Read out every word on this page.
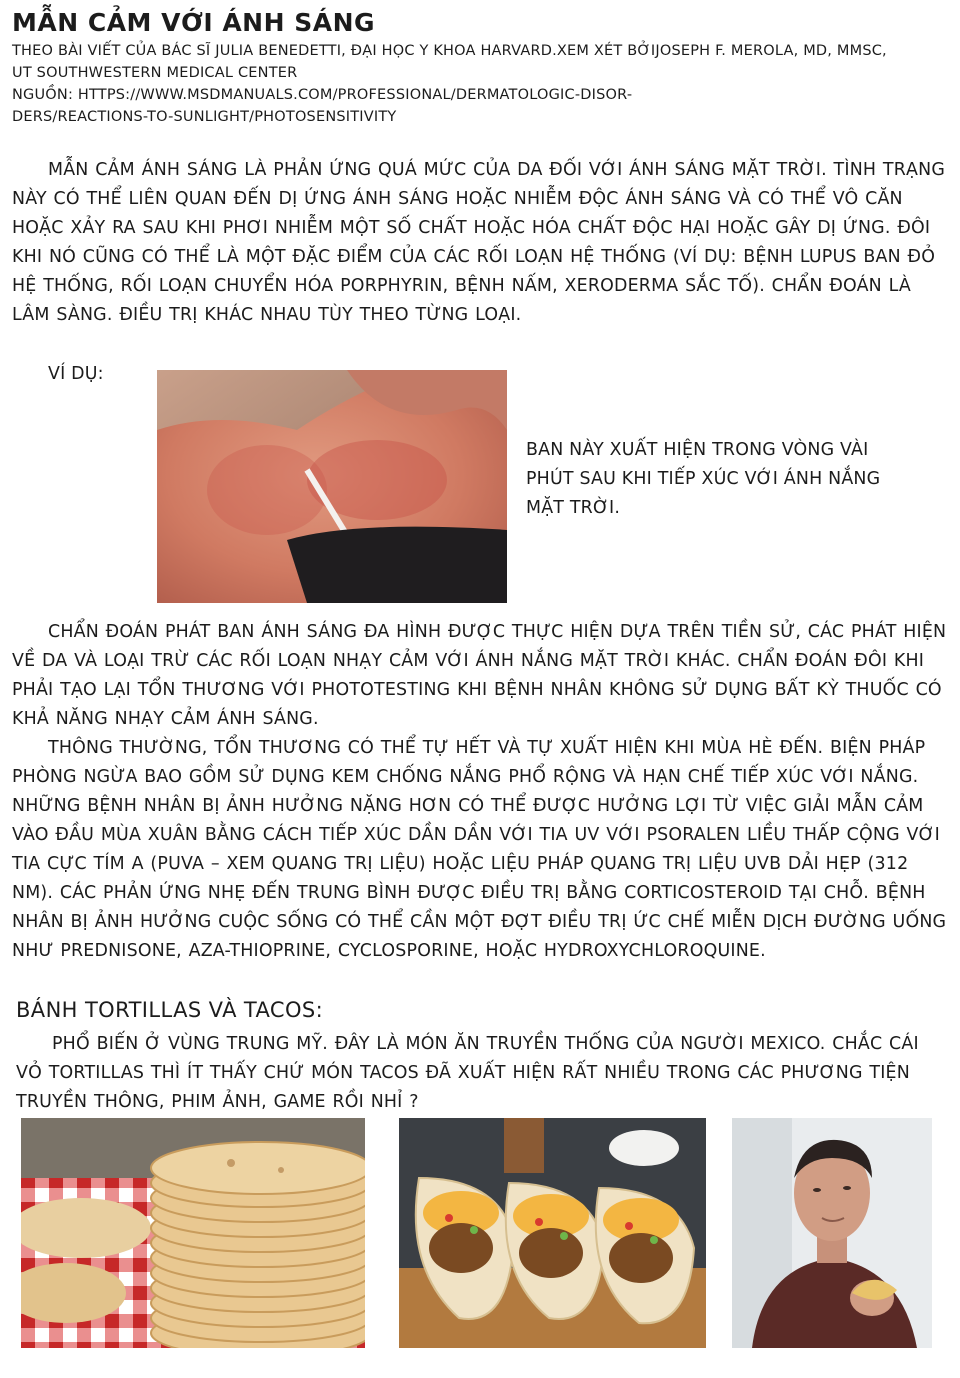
MẪN CẢM VỚI ÁNH SÁNG
THEO BÀI VIẾT CỦA BÁC SĨ JULIA BENEDETTI, ĐẠI HỌC Y KHOA HARVARD.XEM XÉT BỞIJOSEPH F. MEROLA, MD, MMSC,
UT SOUTHWESTERN MEDICAL CENTER
NGUỒN: HTTPS://WWW.MSDMANUALS.COM/PROFESSIONAL/DERMATOLOGIC-DISOR-
DERS/REACTIONS-TO-SUNLIGHT/PHOTOSENSITIVITY

MẪN CẢM ÁNH SÁNG LÀ PHẢN ỨNG QUÁ MỨC CỦA DA ĐỐI VỚI ÁNH SÁNG MẶT TRỜI. TÌNH TRẠNG NÀY CÓ THỂ LIÊN QUAN ĐẾN DỊ ỨNG ÁNH SÁNG HOẶC NHIỄM ĐỘC ÁNH SÁNG VÀ CÓ THỂ VÔ CĂN HOẶC XẢY RA SAU KHI PHƠI NHIỄM MỘT SỐ CHẤT HOẶC HÓA CHẤT ĐỘC HẠI HOẶC GÂY DỊ ỨNG. ĐÔI KHI NÓ CŨNG CÓ THỂ LÀ MỘT ĐẶC ĐIỂM CỦA CÁC RỐI LOẠN HỆ THỐNG (VÍ DỤ: BỆNH LUPUS BAN ĐỎ HỆ THỐNG, RỐI LOẠN CHUYỂN HÓA PORPHYRIN, BỆNH NẤM, XERODERMA SẮC TỐ). CHẨN ĐOÁN LÀ LÂM SÀNG. ĐIỀU TRỊ KHÁC NHAU TÙY THEO TỪNG LOẠI.

VÍ DỤ:
BAN NÀY XUẤT HIỆN TRONG VÒNG VÀI PHÚT SAU KHI TIẾP XÚC VỚI ÁNH NẮNG MẶT TRỜI.

CHẨN ĐOÁN PHÁT BAN ÁNH SÁNG ĐA HÌNH ĐƯỢC THỰC HIỆN DỰA TRÊN TIỀN SỬ, CÁC PHÁT HIỆN VỀ DA VÀ LOẠI TRỪ CÁC RỐI LOẠN NHẠY CẢM VỚI ÁNH NẮNG MẶT TRỜI KHÁC. CHẨN ĐOÁN ĐÔI KHI PHẢI TẠO LẠI TỔN THƯƠNG VỚI PHOTOTESTING KHI BỆNH NHÂN KHÔNG SỬ DỤNG BẤT KỲ THUỐC CÓ KHẢ NĂNG NHẠY CẢM ÁNH SÁNG.

THÔNG THƯỜNG, TỔN THƯƠNG CÓ THỂ TỰ HẾT VÀ TỰ XUẤT HIỆN KHI MÙA HÈ ĐẾN. BIỆN PHÁP PHÒNG NGỪA BAO GỒM SỬ DỤNG KEM CHỐNG NẮNG PHỔ RỘNG VÀ HẠN CHẾ TIẾP XÚC VỚI NẮNG. NHỮNG BỆNH NHÂN BỊ ẢNH HƯỞNG NẶNG HƠN CÓ THỂ ĐƯỢC HƯỞNG LỢI TỪ VIỆC GIẢI MẪN CẢM VÀO ĐẦU MÙA XUÂN BẰNG CÁCH TIẾP XÚC DẦN DẦN VỚI TIA UV VỚI PSORALEN LIỀU THẤP CỘNG VỚI TIA CỰC TÍM A (PUVA – XEM QUANG TRỊ LIỆU) HOẶC LIỆU PHÁP QUANG TRỊ LIỆU UVB DẢI HẸP (312 NM). CÁC PHẢN ỨNG NHẸ ĐẾN TRUNG BÌNH ĐƯỢC ĐIỀU TRỊ BẰNG CORTICOSTEROID TẠI CHỖ. BỆNH NHÂN BỊ ẢNH HƯỞNG CUỘC SỐNG CÓ THỂ CẦN MỘT ĐỢT ĐIỀU TRỊ ỨC CHẾ MIỄN DỊCH ĐƯỜNG UỐNG NHƯ PREDNISONE, AZA-THIOPRINE, CYCLOSPORINE, HOẶC HYDROXYCHLOROQUINE.

BÁNH TORTILLAS VÀ TACOS:

PHỔ BIẾN Ở VÙNG TRUNG MỸ. ĐÂY LÀ MÓN ĂN TRUYỀN THỐNG CỦA NGƯỜI MEXICO. CHẮC CÁI VỎ TORTILLAS THÌ ÍT THẤY CHỨ MÓN TACOS ĐÃ XUẤT HIỆN RẤT NHIỀU TRONG CÁC PHƯƠNG TIỆN TRUYỀN THÔNG, PHIM ẢNH, GAME RỒI NHỈ ?
